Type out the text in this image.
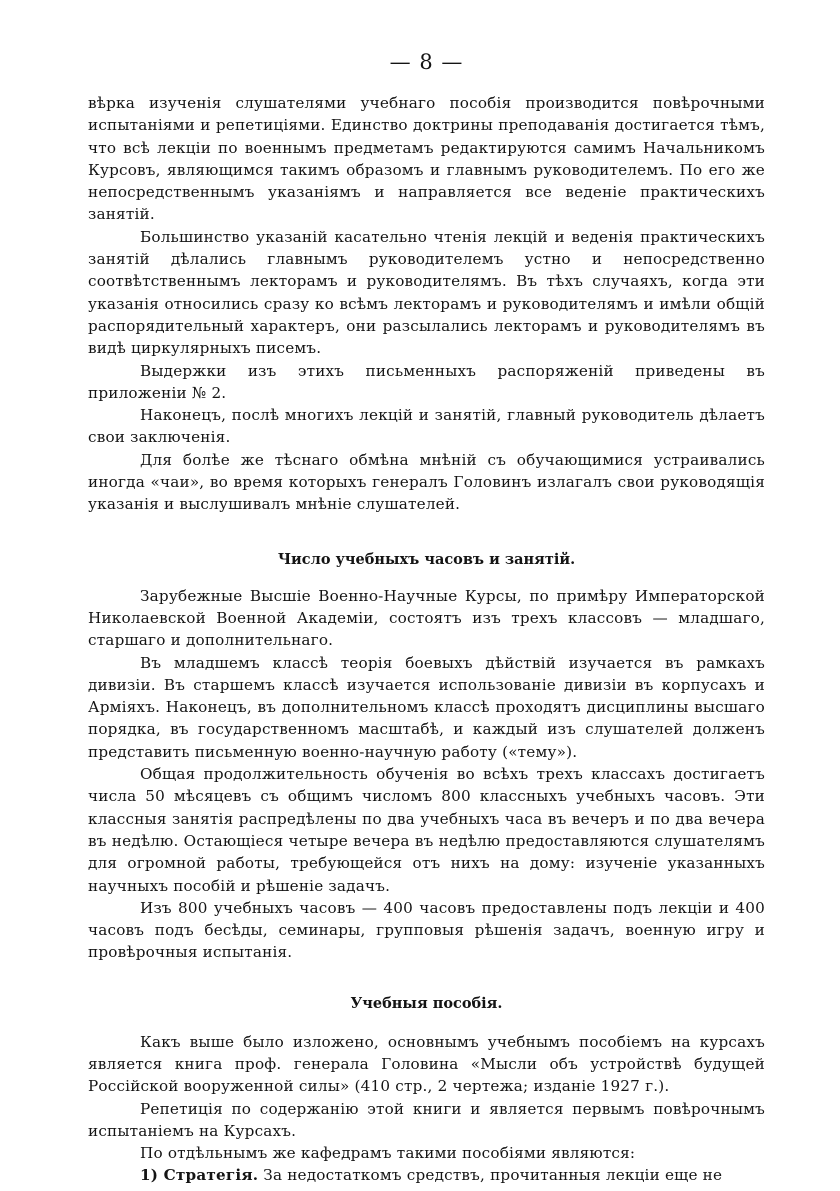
— 8 —

вѣрка изученія слушателями учебнаго пособія производится повѣрочными испытаніями и репетиціями. Единство доктрины преподаванія достигается тѣмъ, что всѣ лекціи по военнымъ предметамъ редактируются самимъ Начальникомъ Курсовъ, являющимся такимъ образомъ и главнымъ руководителемъ. По его же непосредственнымъ указаніямъ и направляется все веденіе практическихъ занятій.

Большинство указаній касательно чтенія лекцій и веденія практическихъ занятій дѣлались главнымъ руководителемъ устно и непосредственно соотвѣтственнымъ лекторамъ и руководителямъ. Въ тѣхъ случаяхъ, когда эти указанія относились сразу ко всѣмъ лекторамъ и руководителямъ и имѣли общій распорядительный характеръ, они разсылались лекторамъ и руководителямъ въ видѣ циркулярныхъ писемъ.

Выдержки изъ этихъ письменныхъ распоряженій приведены въ приложеніи № 2.

Наконецъ, послѣ многихъ лекцій и занятій, главный руководитель дѣлаетъ свои заключенія.

Для болѣе же тѣснаго обмѣна мнѣній съ обучающимися устраивались иногда «чаи», во время которыхъ генералъ Головинъ излагалъ свои руководящія указанія и выслушивалъ мнѣніе слушателей.

Число учебныхъ часовъ и занятій.

Зарубежные Высшіе Военно-Научные Курсы, по примѣру Императорской Николаевской Военной Академіи, состоятъ изъ трехъ классовъ — младшаго, старшаго и дополнительнаго.

Въ младшемъ классѣ теорія боевыхъ дѣйствій изучается въ рамкахъ дивизіи. Въ старшемъ классѣ изучается использованіе дивизіи въ корпусахъ и Арміяхъ. Наконецъ, въ дополнительномъ классѣ проходятъ дисциплины высшаго порядка, въ государственномъ масштабѣ, и каждый изъ слушателей долженъ представить письменную военно-научную работу («тему»).

Общая продолжительность обученія во всѣхъ трехъ классахъ достигаетъ числа 50 мѣсяцевъ съ общимъ числомъ 800 классныхъ учебныхъ часовъ. Эти классныя занятія распредѣлены по два учебныхъ часа въ вечеръ и по два вечера въ недѣлю. Остающіеся четыре вечера въ недѣлю предоставляются слушателямъ для огромной работы, требующейся отъ нихъ на дому: изученіе указанныхъ научныхъ пособій и рѣшеніе задачъ.

Изъ 800 учебныхъ часовъ — 400 часовъ предоставлены подъ лекціи и 400 часовъ подъ бесѣды, семинары, групповыя рѣшенія задачъ, военную игру и провѣрочныя испытанія.

Учебныя пособія.

Какъ выше было изложено, основнымъ учебнымъ пособіемъ на курсахъ является книга проф. генерала Головина «Мысли объ устройствѣ будущей Россійской вооруженной силы» (410 стр., 2 чертежа; изданіе 1927 г.).

Репетиція по содержанію этой книги и является первымъ повѣрочнымъ испытаніемъ на Курсахъ.

По отдѣльнымъ же кафедрамъ такими пособіями являются:

1) Стратегія. За недостаткомъ средствъ, прочитанныя лекціи еще не
